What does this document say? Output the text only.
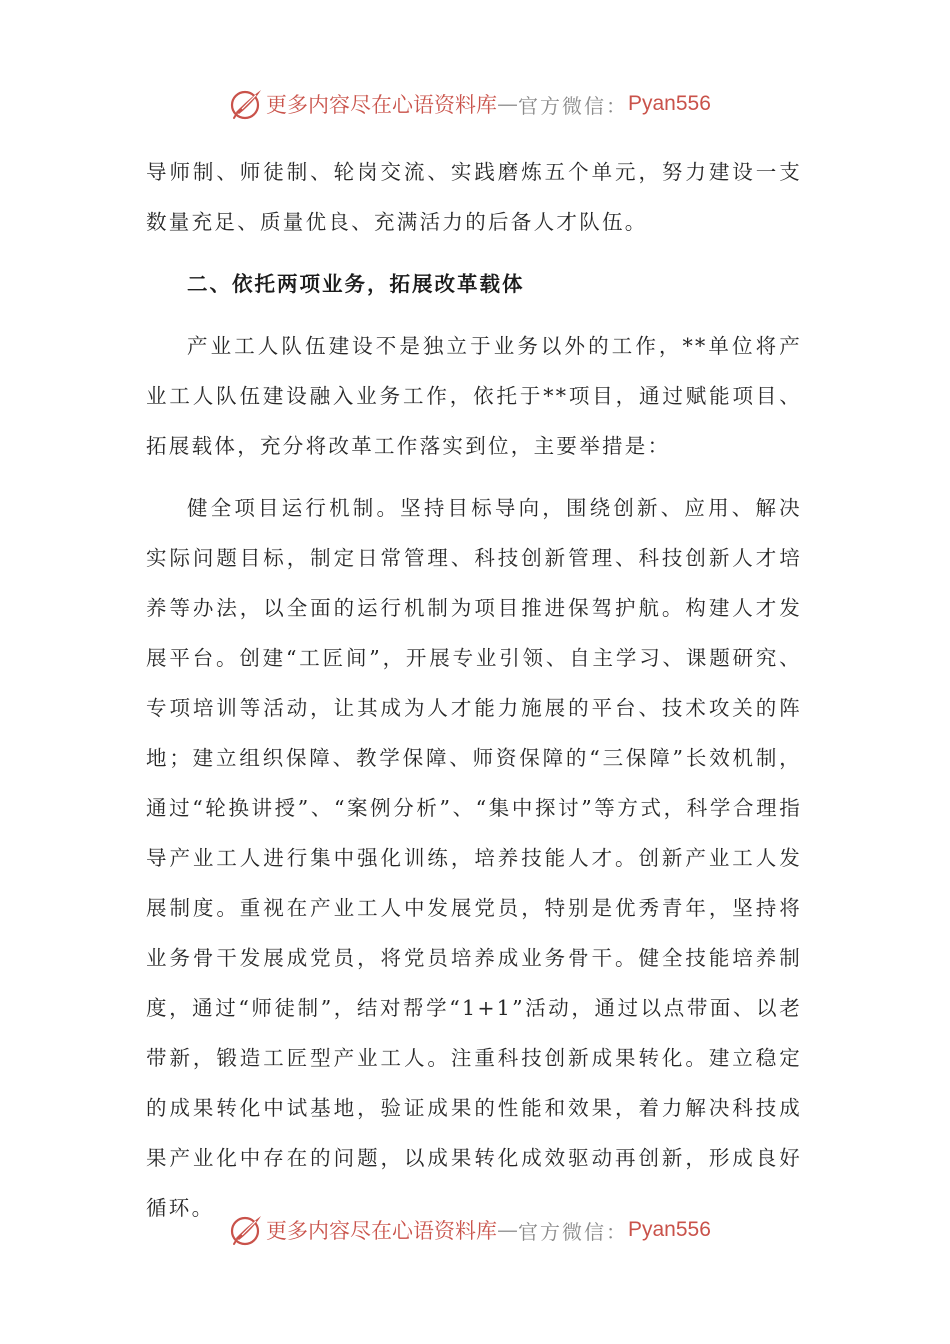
更多内容尽在心语资料库 — 官方微信： Pyan556

导师制、师徒制、轮岗交流、实践磨炼五个单元，努力建设一支数量充足、质量优良、充满活力的后备人才队伍。

二、依托两项业务，拓展改革载体

产业工人队伍建设不是独立于业务以外的工作，**单位将产业工人队伍建设融入业务工作，依托于**项目，通过赋能项目、拓展载体，充分将改革工作落实到位，主要举措是：

健全项目运行机制。坚持目标导向，围绕创新、应用、解决实际问题目标，制定日常管理、科技创新管理、科技创新人才培养等办法，以全面的运行机制为项目推进保驾护航。构建人才发展平台。创建“工匠间”，开展专业引领、自主学习、课题研究、专项培训等活动，让其成为人才能力施展的平台、技术攻关的阵地；建立组织保障、教学保障、师资保障的“三保障”长效机制，通过“轮换讲授”、“案例分析”、“集中探讨”等方式，科学合理指导产业工人进行集中强化训练，培养技能人才。创新产业工人发展制度。重视在产业工人中发展党员，特别是优秀青年，坚持将业务骨干发展成党员，将党员培养成业务骨干。健全技能培养制度，通过“师徒制”，结对帮学“1+1”活动，通过以点带面、以老带新，锻造工匠型产业工人。注重科技创新成果转化。建立稳定的成果转化中试基地，验证成果的性能和效果，着力解决科技成果产业化中存在的问题，以成果转化成效驱动再创新，形成良好循环。

更多内容尽在心语资料库 — 官方微信： Pyan556
